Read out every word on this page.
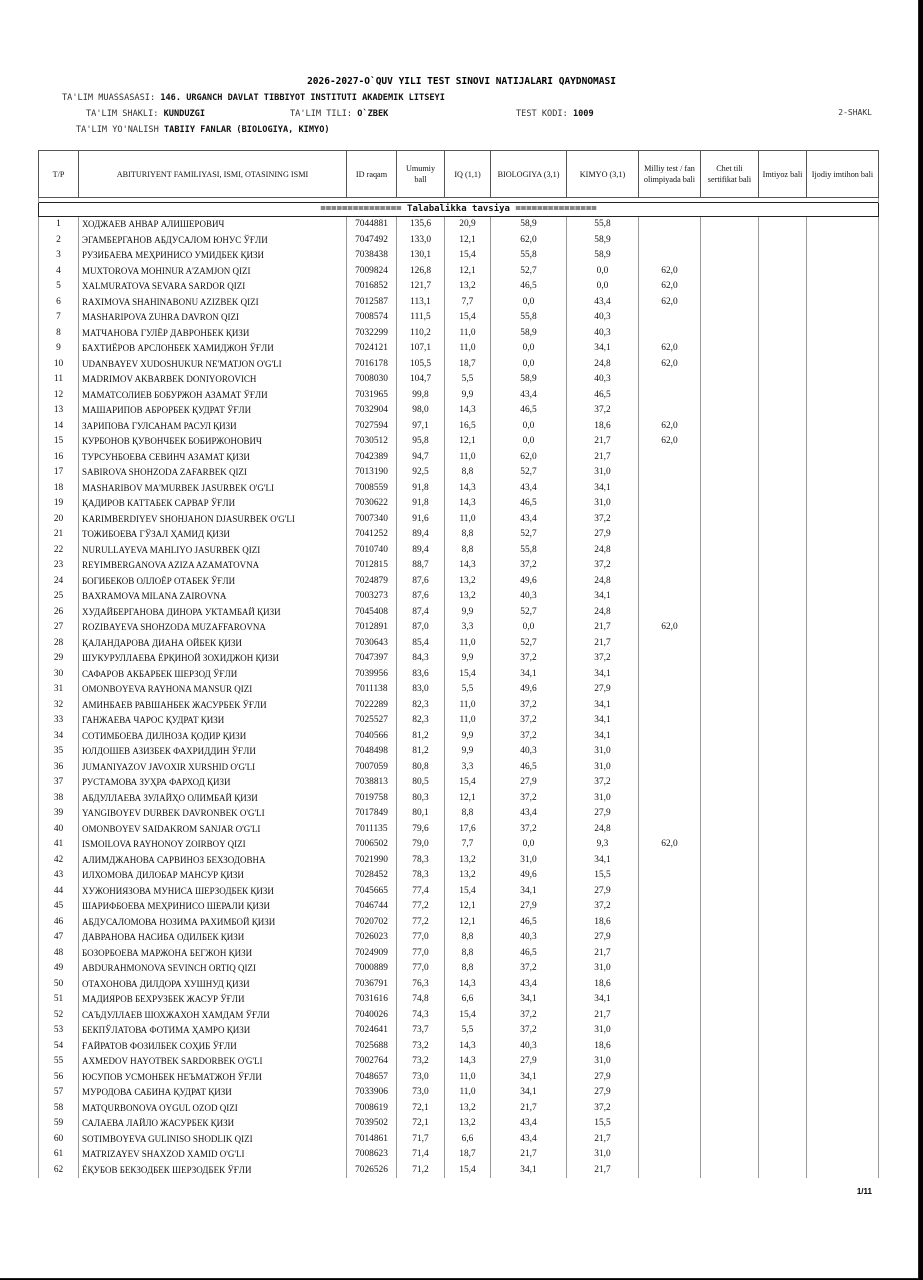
2026-2027-O`QUV YILI TEST SINOVI NATIJALARI QAYDNOMASI
TA'LIM MUASSASASI: 146. URGANCH DAVLAT TIBBIYOT INSTITUTI AKADEMIK LITSEYI
TA'LIM SHAKLI: KUNDUZGI	TA'LIM TILI: O`ZBEK	TEST KODI: 1009	2-SHAKL
TA'LIM YO'NALISH TABIIY FANLAR (BIOLOGIYA, KIMYO)
T/P	ABITURIYENT FAMILIYASI, ISMI, OTASINING ISMI	ID raqam	Umumiy ball	IQ (1,1)	BIOLOGIYA (3,1)	KIMYO (3,1)	Milliy test / fan olimpiyada bali	Chet tili sertifikat bali	Imtiyoz bali	Ijodiy imtihon bali

=============== Talabalikka tavsiya ===============										
1	ХОДЖАЕВ АНВАР АЛИШЕРОВИЧ	7044881	135,6	20,9	58,9	55,8				
2	ЭГАМБЕРГАНОВ АБДУСАЛОМ ЮНУС ЎҒЛИ	7047492	133,0	12,1	62,0	58,9				
3	РУЗИБАЕВА МЕҲРИНИСО УМИДБЕК ҚИЗИ	7038438	130,1	15,4	55,8	58,9				
4	MUXTOROVA MOHINUR A'ZAMJON QIZI	7009824	126,8	12,1	52,7	0,0	62,0			
5	XALMURATOVA SEVARA SARDOR QIZI	7016852	121,7	13,2	46,5	0,0	62,0			
6	RAXIMOVA SHAHINABONU AZIZBEK QIZI	7012587	113,1	7,7	0,0	43,4	62,0			
7	MASHARIPOVA ZUHRA DAVRON QIZI	7008574	111,5	15,4	55,8	40,3				
8	МАТЧАНОВА ГУЛЁР ДАВРОНБЕК ҚИЗИ	7032299	110,2	11,0	58,9	40,3				
9	БАХТИЁРОВ АРСЛОНБЕК ХАМИДЖОН ЎҒЛИ	7024121	107,1	11,0	0,0	34,1	62,0			
10	UDANBAYEV XUDOSHUKUR NE'MATJON O'G'LI	7016178	105,5	18,7	0,0	24,8	62,0			
11	MADRIMOV AKBARBEK DONIYOROVICH	7008030	104,7	5,5	58,9	40,3				
12	МАМАТСОЛИЕВ БОБУРЖОН АЗАМАТ ЎҒЛИ	7031965	99,8	9,9	43,4	46,5				
13	МАШАРИПОВ АБРОРБЕК ҚУДРАТ ЎҒЛИ	7032904	98,0	14,3	46,5	37,2				
14	ЗАРИПОВА ГУЛСАНАМ РАСУЛ ҚИЗИ	7027594	97,1	16,5	0,0	18,6	62,0			
15	КУРБОНОВ ҚУВОНЧБЕК БОБИРЖОНОВИЧ	7030512	95,8	12,1	0,0	21,7	62,0			
16	ТУРСУНБОЕВА СЕВИНЧ АЗАМАТ ҚИЗИ	7042389	94,7	11,0	62,0	21,7				
17	SABIROVA SHOHZODA ZAFARBEK QIZI	7013190	92,5	8,8	52,7	31,0				
18	MASHARIBOV MA'MURBEK JASURBEK O'G'LI	7008559	91,8	14,3	43,4	34,1				
19	ҚАДИРОВ КАТТАБЕК САРВАР ЎҒЛИ	7030622	91,8	14,3	46,5	31,0				
20	KARIMBERDIYEV SHOHJAHON DJASURBEK O'G'LI	7007340	91,6	11,0	43,4	37,2				
21	ТОЖИБОЕВА ГЎЗАЛ ҲАМИД ҚИЗИ	7041252	89,4	8,8	52,7	27,9				
22	NURULLAYEVA MAHLIYO JASURBEK QIZI	7010740	89,4	8,8	55,8	24,8				
23	REYIMBERGANOVA AZIZA AZAMATOVNA	7012815	88,7	14,3	37,2	37,2				
24	БОГИБЕКОВ ОЛЛОЁР ОТАБЕК ЎҒЛИ	7024879	87,6	13,2	49,6	24,8				
25	BAXRAMOVA MILANA ZAIROVNA	7003273	87,6	13,2	40,3	34,1				
26	ХУДАЙБЕРГАНОВА ДИНОРА УКТАМБАЙ ҚИЗИ	7045408	87,4	9,9	52,7	24,8				
27	ROZIBAYEVA SHOHZODA MUZAFFAROVNA	7012891	87,0	3,3	0,0	21,7	62,0			
28	ҚАЛАНДАРОВА ДИАНА ОЙБЕК ҚИЗИ	7030643	85,4	11,0	52,7	21,7				
29	ШУКУРУЛЛАЕВА ЁРҚИНОЙ ЗОХИДЖОН ҚИЗИ	7047397	84,3	9,9	37,2	37,2				
30	САФАРОВ АКБАРБЕК ШЕРЗОД ЎҒЛИ	7039956	83,6	15,4	34,1	34,1				
31	OMONBOYEVA RAYHONA MANSUR QIZI	7011138	83,0	5,5	49,6	27,9				
32	АМИНБАЕВ РАВШАНБЕК ЖАСУРБЕК ЎҒЛИ	7022289	82,3	11,0	37,2	34,1				
33	ГАНЖАЕВА ЧАРОС ҚУДРАТ ҚИЗИ	7025527	82,3	11,0	37,2	34,1				
34	СОТИМБОЕВА ДИЛНОЗА ҚОДИР ҚИЗИ	7040566	81,2	9,9	37,2	34,1				
35	ЮЛДОШЕВ АЗИЗБЕК ФАХРИДДИН ЎҒЛИ	7048498	81,2	9,9	40,3	31,0				
36	JUMANIYAZOV JAVOXIR XURSHID O'G'LI	7007059	80,8	3,3	46,5	31,0				
37	РУСТАМОВА ЗУҲРА ФАРХОД ҚИЗИ	7038813	80,5	15,4	27,9	37,2				
38	АБДУЛЛАЕВА ЗУЛАЙҲО ОЛИМБАЙ ҚИЗИ	7019758	80,3	12,1	37,2	31,0				
39	YANGIBOYEV DURBEK DAVRONBEK O'G'LI	7017849	80,1	8,8	43,4	27,9				
40	OMONBOYEV SAIDAKROM SANJAR O'G'LI	7011135	79,6	17,6	37,2	24,8				
41	ISMOILOVA RAYHONOY ZOIRBOY QIZI	7006502	79,0	7,7	0,0	9,3	62,0			
42	АЛИМДЖАНОВА САРВИНОЗ БЕХЗОДОВНА	7021990	78,3	13,2	31,0	34,1				
43	ИЛХОМОВА ДИЛОБАР МАНСУР ҚИЗИ	7028452	78,3	13,2	49,6	15,5				
44	ХУЖОНИЯЗОВА МУНИСА ШЕРЗОДБЕК ҚИЗИ	7045665	77,4	15,4	34,1	27,9				
45	ШАРИФБОЕВА МЕҲРИНИСО ШЕРАЛИ ҚИЗИ	7046744	77,2	12,1	27,9	37,2				
46	АБДУСАЛОМОВА НОЗИМА РАХИМБОЙ ҚИЗИ	7020702	77,2	12,1	46,5	18,6				
47	ДАВРАНОВА НАСИБА ОДИЛБЕК ҚИЗИ	7026023	77,0	8,8	40,3	27,9				
48	БОЗОРБОЕВА МАРЖОНА БЕГЖОН ҚИЗИ	7024909	77,0	8,8	46,5	21,7				
49	ABDURAHMONOVA SEVINCH ORTIQ QIZI	7000889	77,0	8,8	37,2	31,0				
50	ОТАХОНОВА ДИЛДОРА ХУШНУД ҚИЗИ	7036791	76,3	14,3	43,4	18,6				
51	МАДИЯРОВ БЕХРУЗБЕК ЖАСУР ЎҒЛИ	7031616	74,8	6,6	34,1	34,1				
52	САЪДУЛЛАЕВ ШОХЖАХОН ХАМДАМ ЎҒЛИ	7040026	74,3	15,4	37,2	21,7				
53	БЕКПЎЛАТОВА ФОТИМА ҲАМРО ҚИЗИ	7024641	73,7	5,5	37,2	31,0				
54	ҒАЙРАТОВ ФОЗИЛБЕК СОҲИБ ЎҒЛИ	7025688	73,2	14,3	40,3	18,6				
55	AXMEDOV HAYOTBEK SARDORBEK O'G'LI	7002764	73,2	14,3	27,9	31,0				
56	ЮСУПОВ УСМОНБЕК НЕЪМАТЖОН ЎҒЛИ	7048657	73,0	11,0	34,1	27,9				
57	МУРОДОВА САБИНА ҚУДРАТ ҚИЗИ	7033906	73,0	11,0	34,1	27,9				
58	MATQURBONOVA OYGUL OZOD QIZI	7008619	72,1	13,2	21,7	37,2				
59	САЛАЕВА ЛАЙЛО ЖАСУРБЕК ҚИЗИ	7039502	72,1	13,2	43,4	15,5				
60	SOTIMBOYEVA GULINISO SHODLIK QIZI	7014861	71,7	6,6	43,4	21,7				
61	MATRIZAYEV SHAXZOD XAMID O'G'LI	7008623	71,4	18,7	21,7	31,0				
62	ЁҚУБОВ БЕКЗОДБЕК ШЕРЗОДБЕК ЎҒЛИ	7026526	71,2	15,4	34,1	21,7				
1/11
